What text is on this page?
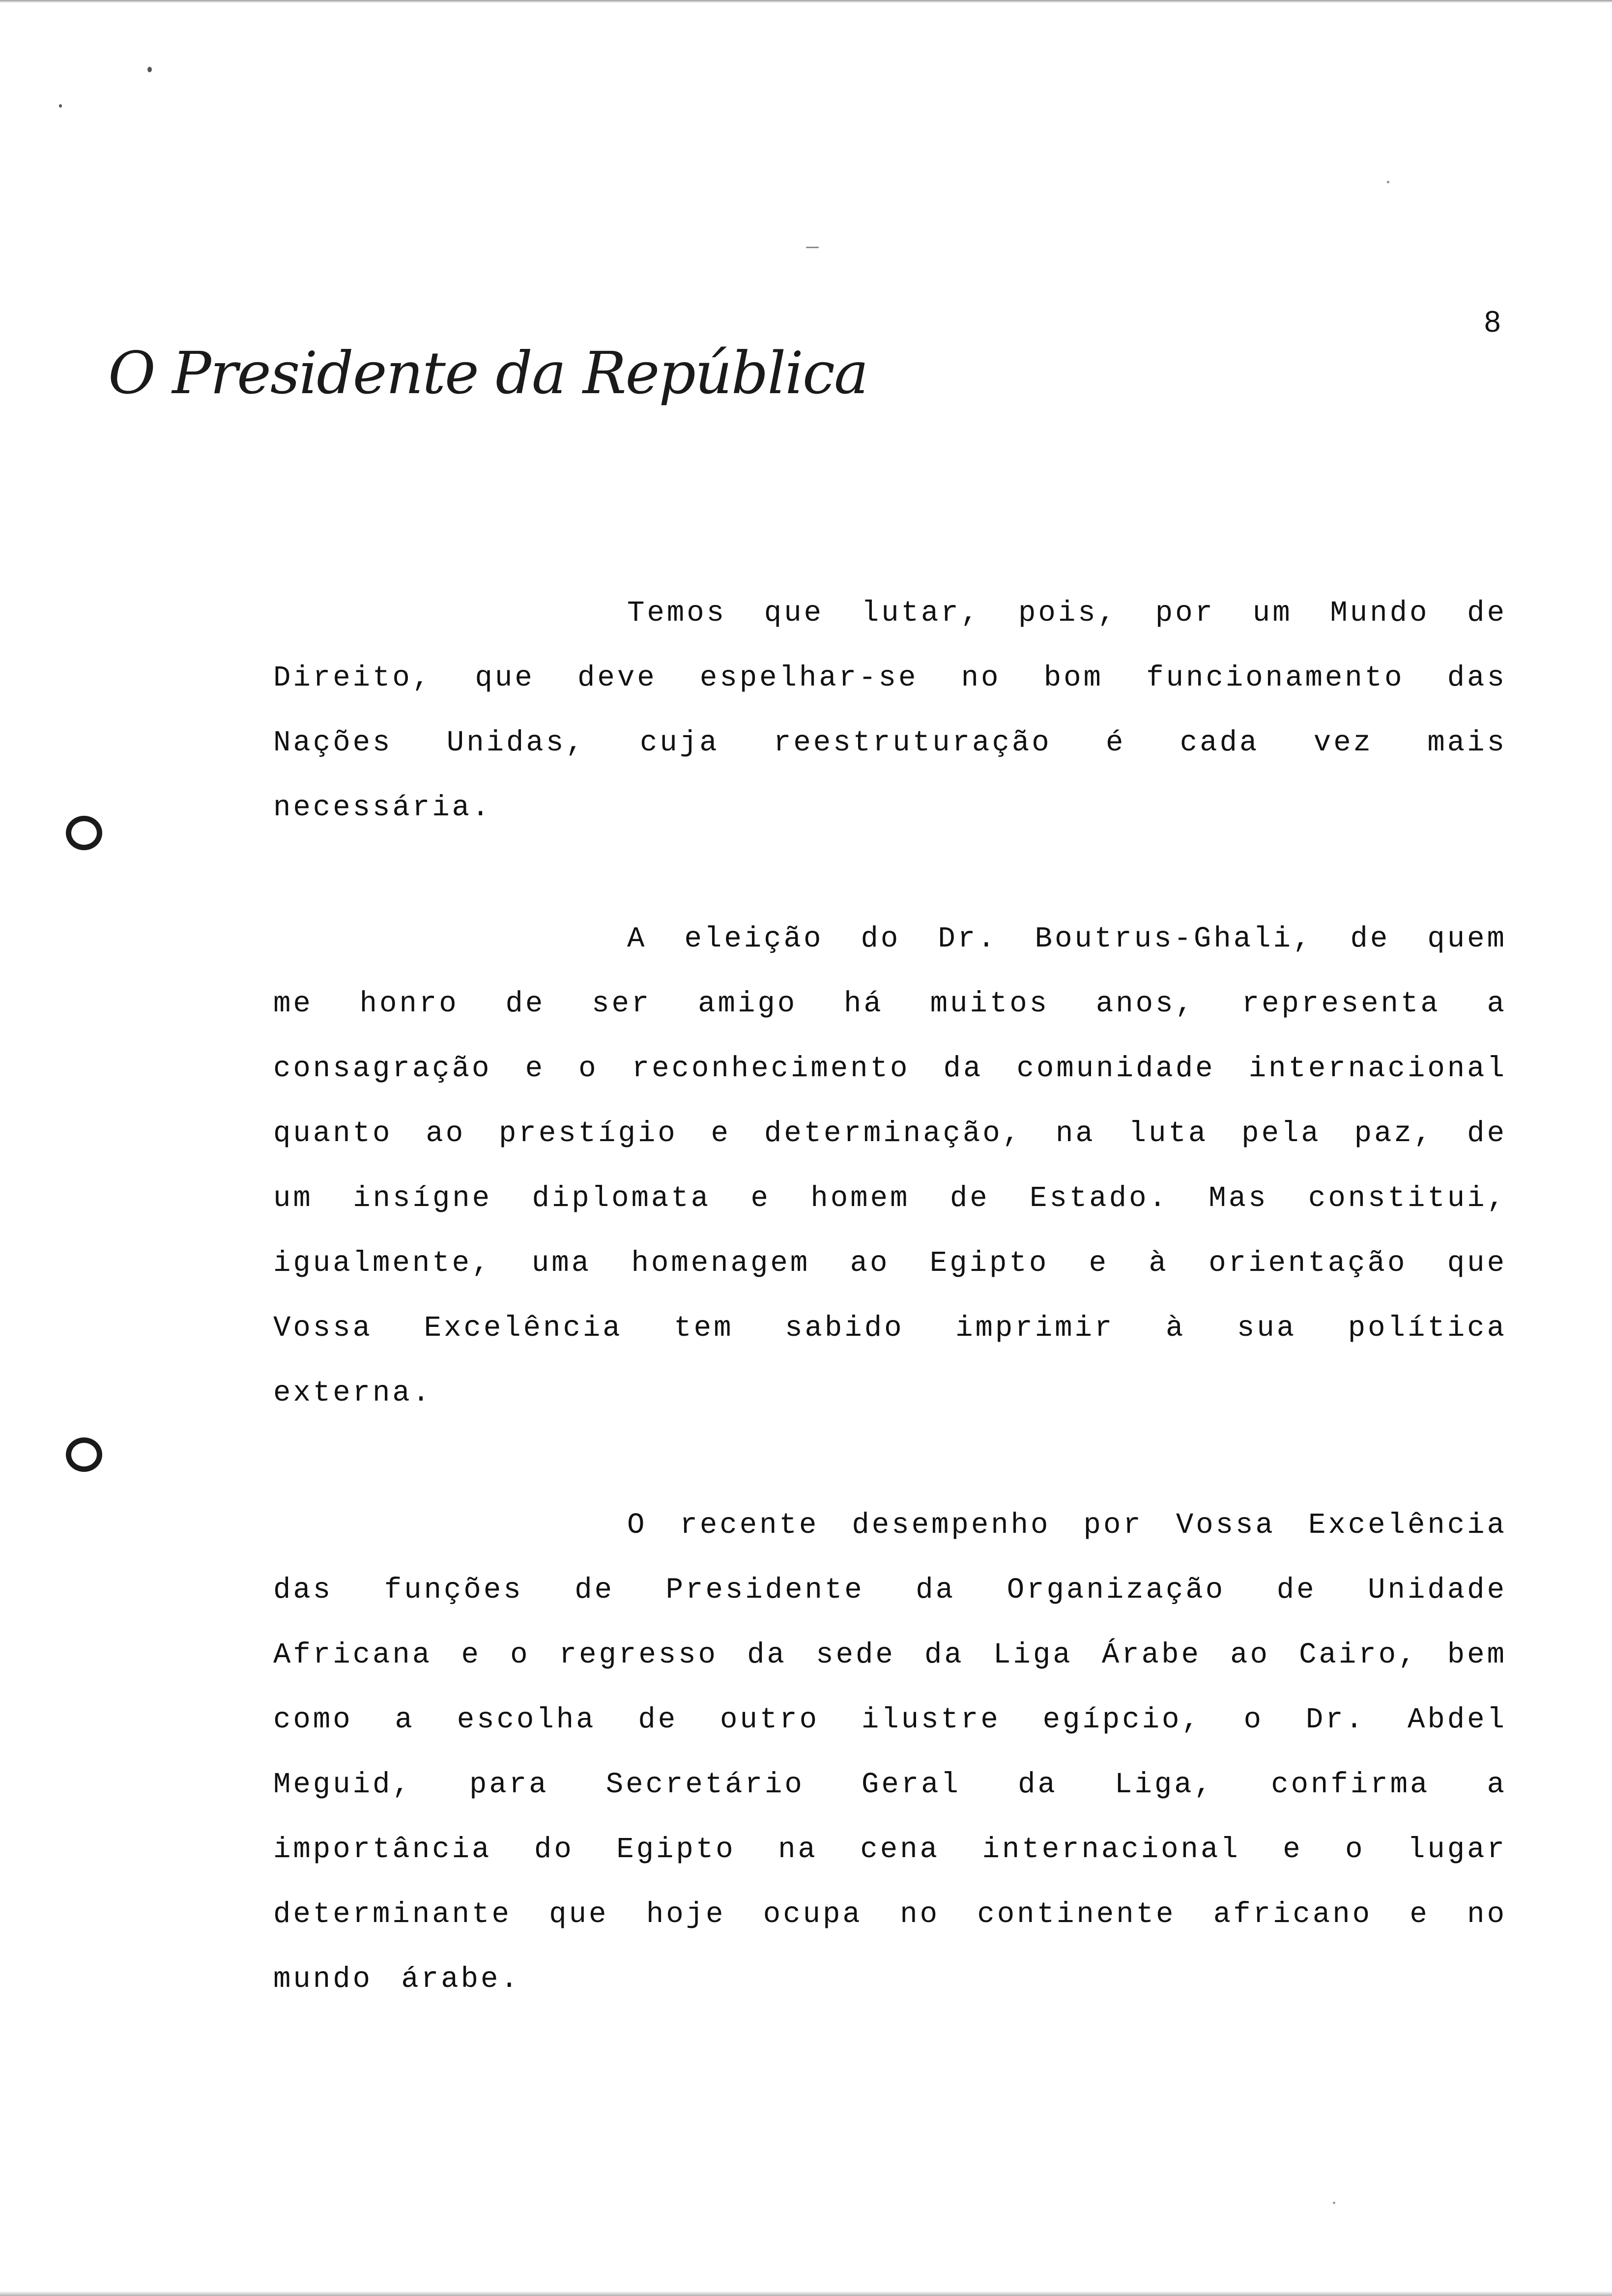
O Presidente da República
8
Temos que lutar, pois, por um Mundo de Direito, que deve espelhar-se no bom funcionamento das Nações Unidas, cuja reestruturação é cada vez mais necessária.
A eleição do Dr. Boutrus-Ghali, de quem me honro de ser amigo há muitos anos, representa a consagração e o reconhecimento da comunidade internacional quanto ao prestígio e determinação, na luta pela paz, de um insígne diplomata e homem de Estado. Mas constitui, igualmente, uma homenagem ao Egipto e à orientação que Vossa Excelência tem sabido imprimir à sua política externa.
O recente desempenho por Vossa Excelência das funções de Presidente da Organização de Unidade Africana e o regresso da sede da Liga Árabe ao Cairo, bem como a escolha de outro ilustre egípcio, o Dr. Abdel Meguid, para Secretário Geral da Liga, confirma a importância do Egipto na cena internacional e o lugar determinante que hoje ocupa no continente africano e no mundo árabe.
